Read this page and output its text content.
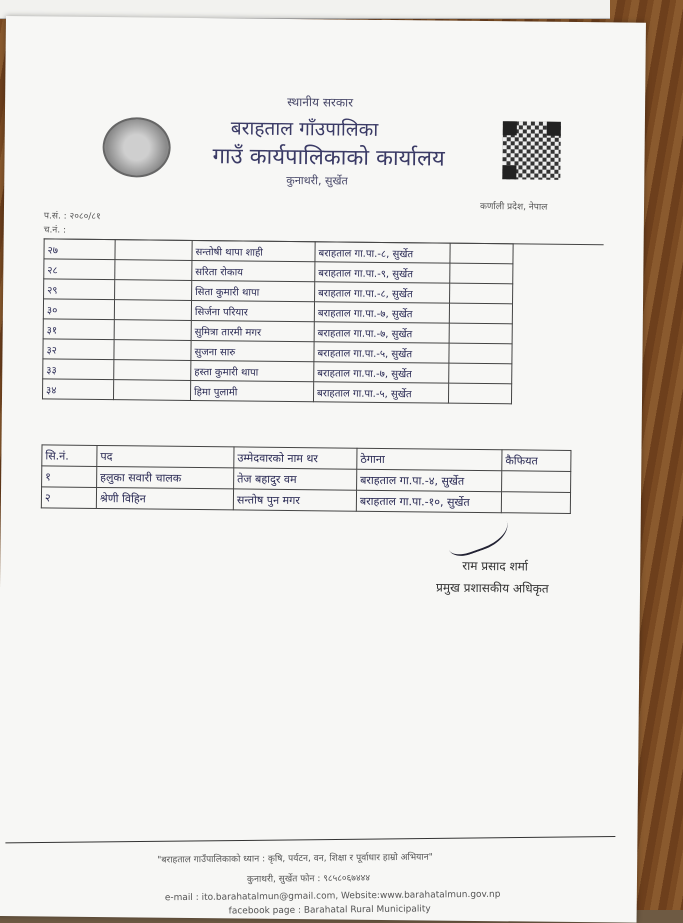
स्थानीय सरकार
बराहताल गाँउपालिका
गाउँ कार्यपालिकाको कार्यालय
कुनाथरी, सुर्खेत
कर्णाली प्रदेश, नेपाल
प.सं. : २०८०/८१
च.नं. :
२७		सन्तोषी थापा शाही	बराहताल गा.पा.-८, सुर्खेत	
२८		सरिता रोकाय	बराहताल गा.पा.-९, सुर्खेत	
२९		सिता कुमारी थापा	बराहताल गा.पा.-८, सुर्खेत	
३०		सिर्जना परियार	बराहताल गा.पा.-७, सुर्खेत	
३१		सुमित्रा तारमी मगर	बराहताल गा.पा.-७, सुर्खेत	
३२		सुजना सारु	बराहताल गा.पा.-५, सुर्खेत	
३३		हस्ता कुमारी थापा	बराहताल गा.पा.-७, सुर्खेत	
३४		हिमा पुलामी	बराहताल गा.पा.-५, सुर्खेत	
सि.नं.	पद	उम्मेदवारको नाम थर	ठेगाना	कैफियत
१	हलुका सवारी चालक	तेज बहादुर वम	बराहताल गा.पा.-४, सुर्खेत	
२	श्रेणी विहिन	सन्तोष पुन मगर	बराहताल गा.पा.-१०, सुर्खेत	
राम प्रसाद शर्मा
प्रमुख प्रशासकीय अधिकृत
"बराहताल गाउँपालिकाको ध्यान : कृषि, पर्यटन, वन, शिक्षा र पूर्वाधार हाम्रो अभियान"
कुनाथरी, सुर्खेत फोन : ९८५८०६७४४४
e-mail : ito.barahatalmun@gmail.com, Website:www.barahatalmun.gov.np
facebook page : Barahatal Rural Municipality
